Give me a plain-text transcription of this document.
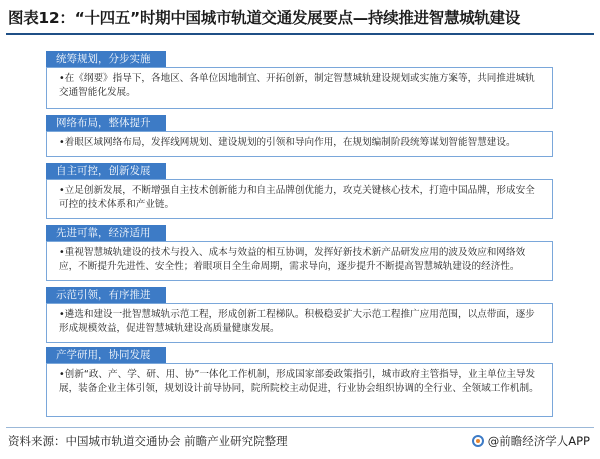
图表12：“十四五”时期中国城市轨道交通发展要点—持续推进智慧城轨建设
统筹规划，分步实施
•在《纲要》指导下，各地区、各单位因地制宜、开拓创新，制定智慧城轨建设规划或实施方案等，共同推进城轨交通智能化发展。
网络布局，整体提升
•着眼区域网络布局，发挥线网规划、建设规划的引领和导向作用，在规划编制阶段统筹谋划智能智慧建设。
自主可控，创新发展
•立足创新发展，不断增强自主技术创新能力和自主品牌创优能力，攻克关键核心技术，打造中国品牌，形成安全可控的技术体系和产业链。
先进可靠，经济适用
•重视智慧城轨建设的技术与投入、成本与效益的相互协调，发挥好新技术新产品研发应用的波及效应和网络效应，不断提升先进性、安全性；着眼项目全生命周期，需求导向，逐步提升不断提高智慧城轨建设的经济性。
示范引领，有序推进
•遴选和建设一批智慧城轨示范工程，形成创新工程梯队。积极稳妥扩大示范工程推广应用范围，以点带面，逐步形成规模效益，促进智慧城轨建设高质量健康发展。
产学研用，协同发展
•创新“政、产、学、研、用、协”一体化工作机制，形成国家部委政策指引，城市政府主管指导，业主单位主导发展，装备企业主体引领，规划设计前导协同，院所院校主动促进，行业协会组织协调的全行业、全领域工作机制。
资料来源：中国城市轨道交通协会 前瞻产业研究院整理	@前瞻经济学人APP
